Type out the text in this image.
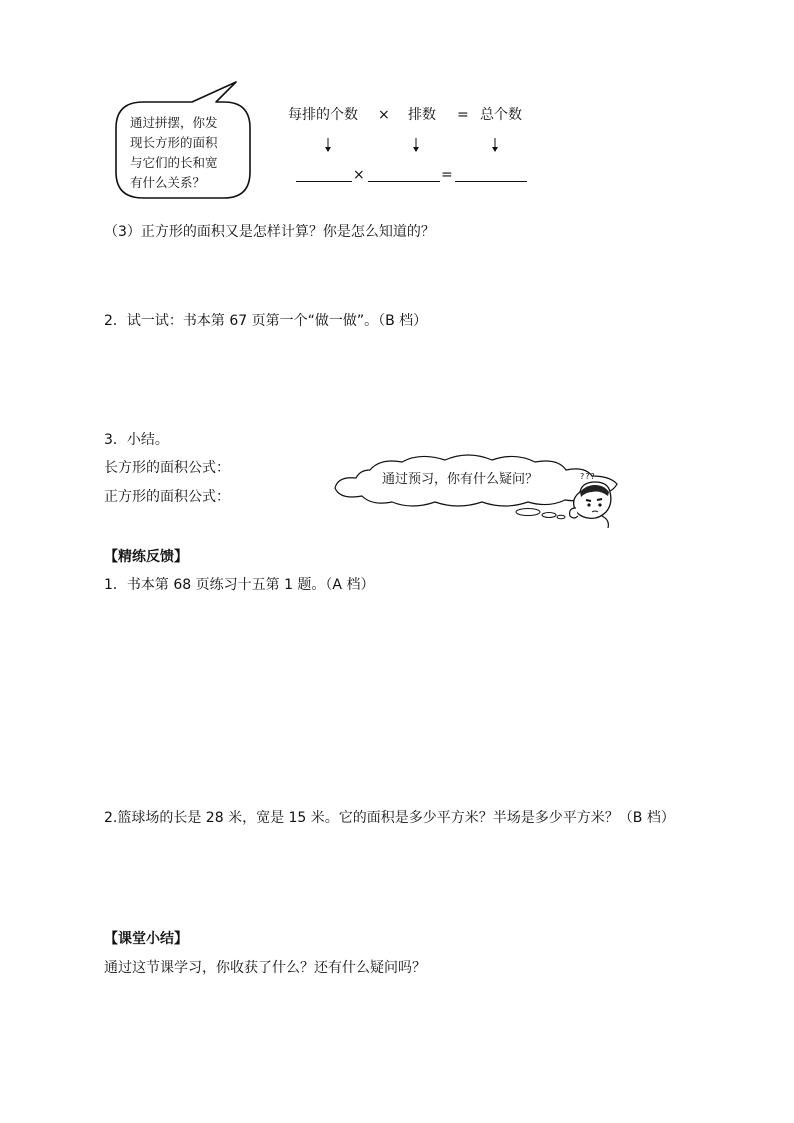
通过拼摆，你发
现长方形的面积
与它们的长和宽
有什么关系？
每排的个数 × 排数 = 总个数
×	=
（3）正方形的面积又是怎样计算？你是怎么知道的？
2．试一试：书本第 67 页第一个“做一做”。（B 档）
3．小结。
长方形的面积公式：
正方形的面积公式：
通过预习，你有什么疑问？	???
【精练反馈】
1．书本第 68 页练习十五第 1 题。（A 档）
2.篮球场的长是 28 米，宽是 15 米。它的面积是多少平方米？半场是多少平方米？（B 档）
【课堂小结】
通过这节课学习，你收获了什么？还有什么疑问吗？
